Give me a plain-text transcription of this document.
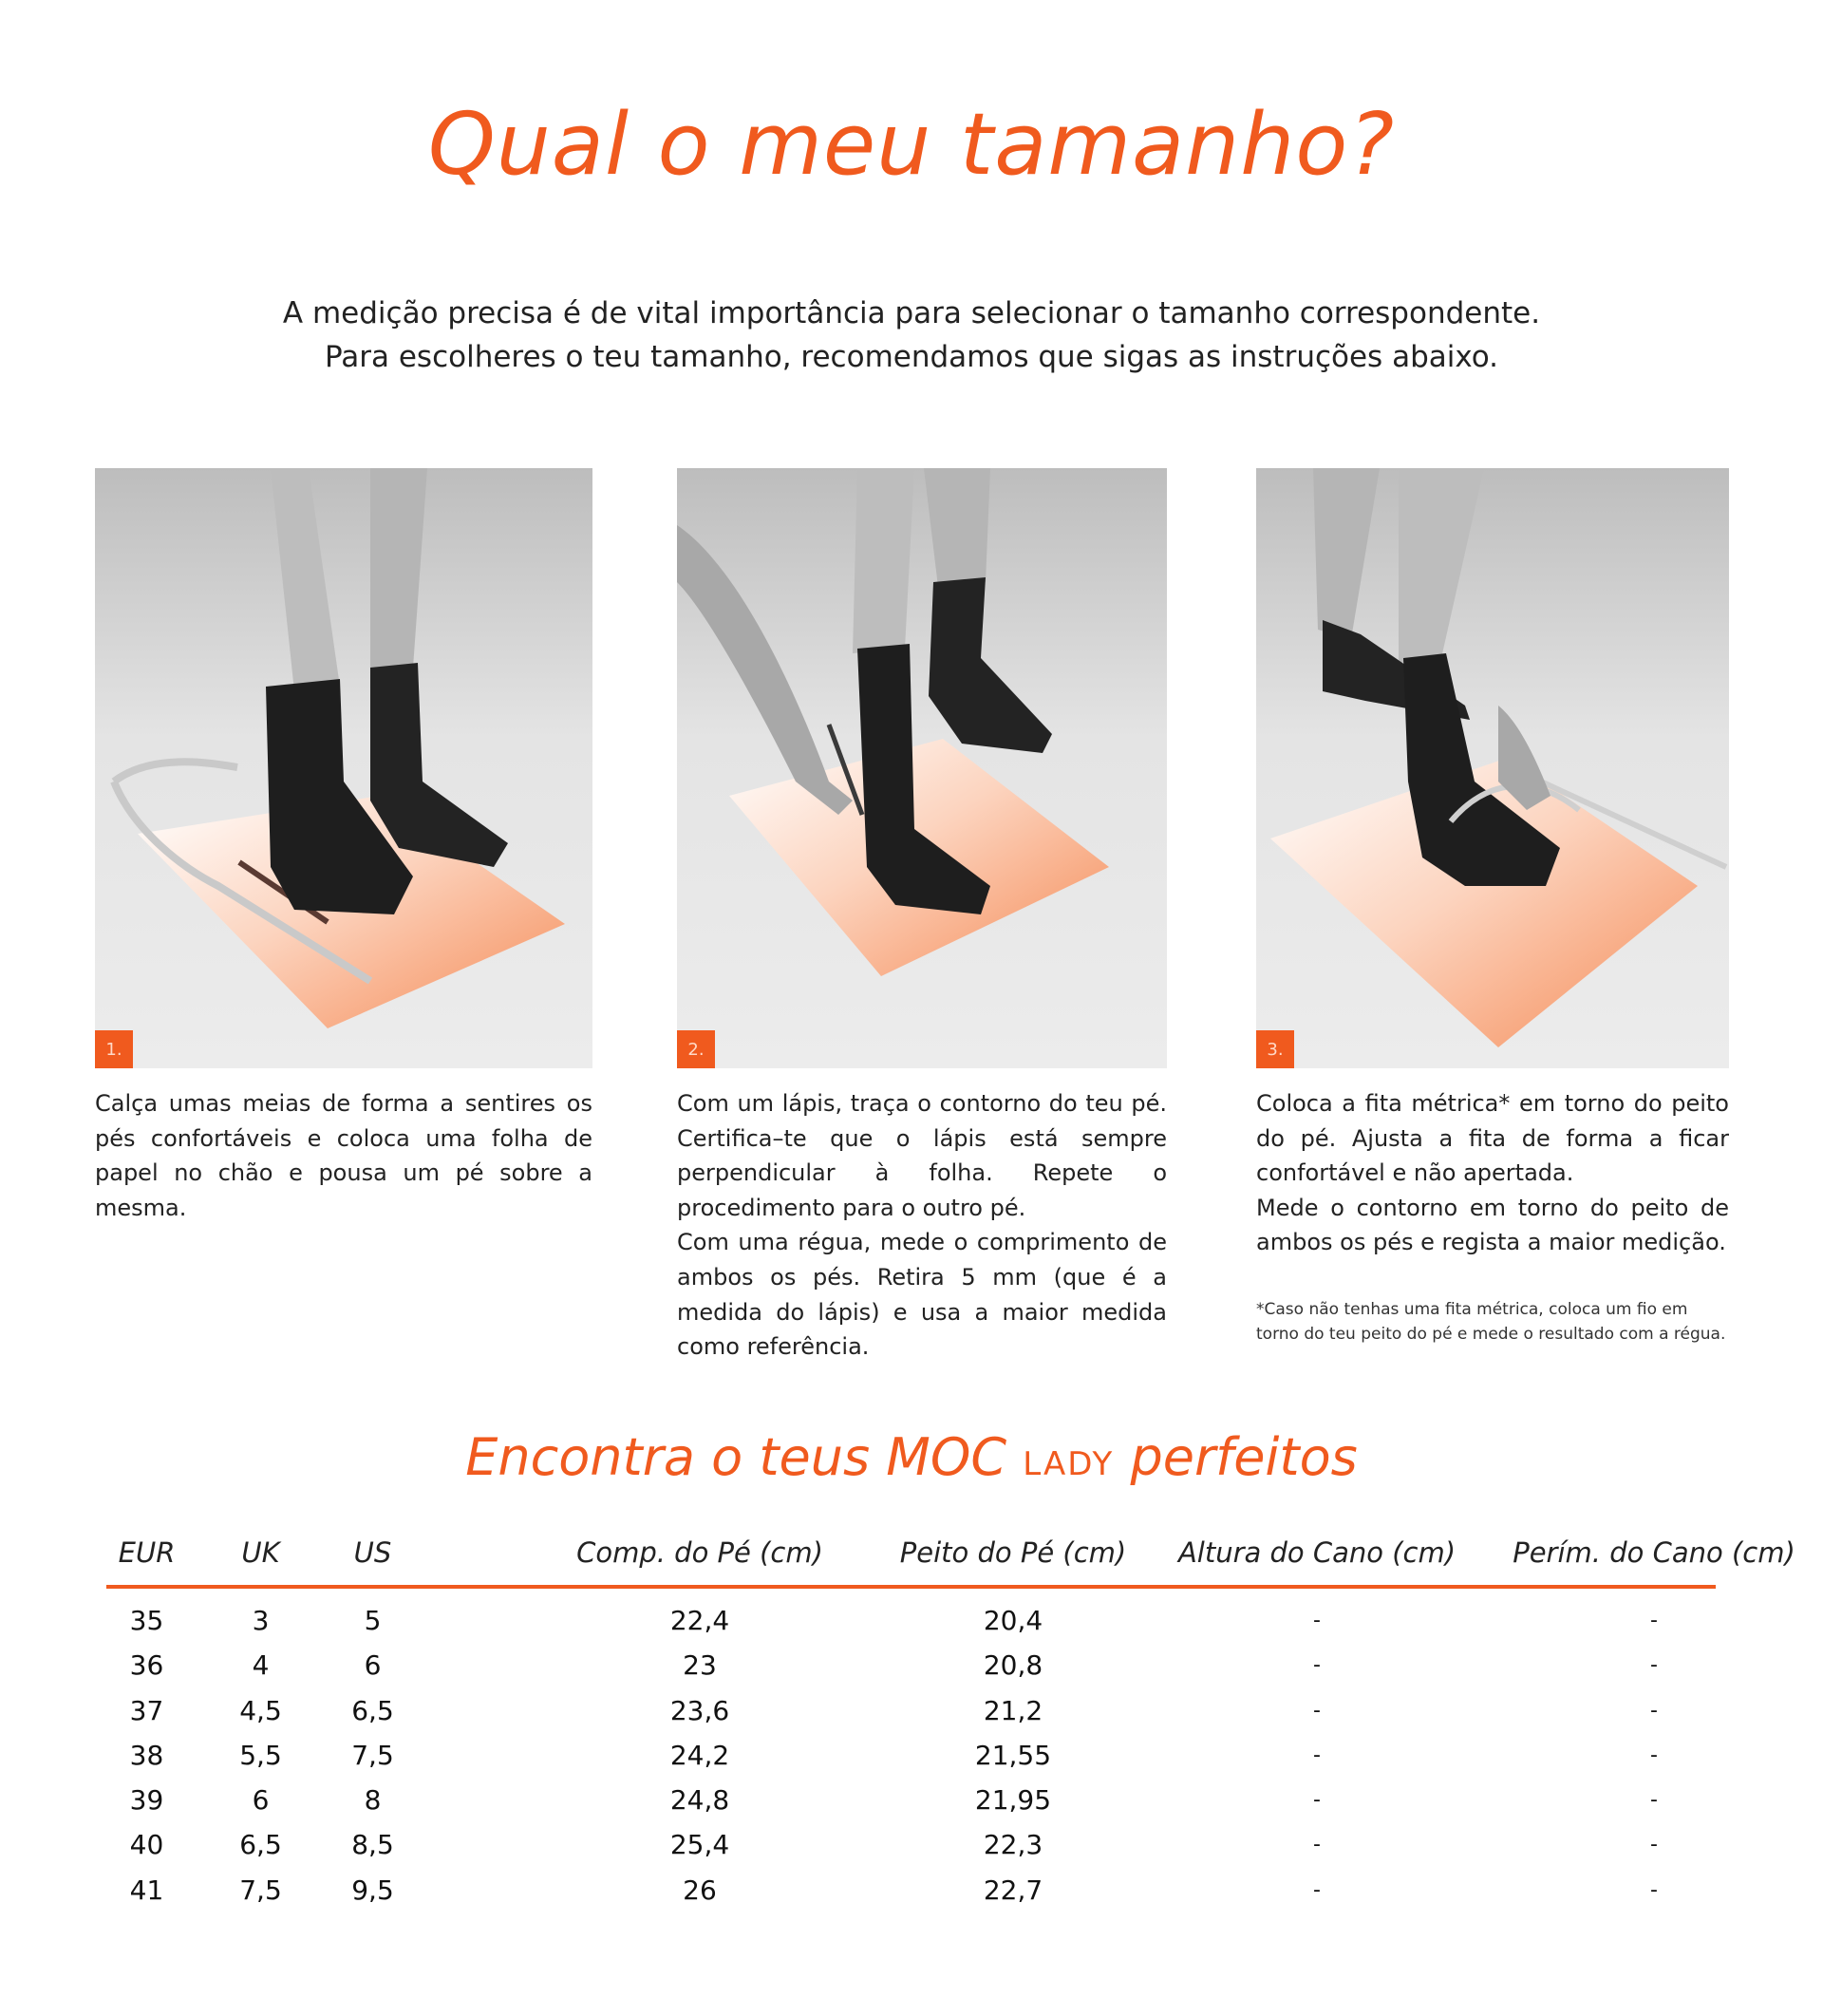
Qual o meu tamanho?
A medição precisa é de vital importância para selecionar o tamanho correspondente.
Para escolheres o teu tamanho, recomendamos que sigas as instruções abaixo.
1.	2.	3.

Calça umas meias de forma a sentires os pés confortáveis e coloca uma folha de papel no chão e pousa um pé sobre a mesma.

Com um lápis, traça o contorno do teu pé. Certifica–te que o lápis está sempre perpendicular à folha. Repete o procedimento para o outro pé.

Com uma régua, mede o comprimento de ambos os pés. Retira 5 mm (que é a medida do lápis) e usa a maior medida como referência.

Coloca a fita métrica* em torno do peito do pé. Ajusta a fita de forma a ficar confortável e não apertada.

Mede o contorno em torno do peito de ambos os pés e regista a maior medição.

*Caso não tenhas uma fita métrica, coloca um fio em torno do teu peito do pé e mede o resultado com a régua.
Encontra o teus MOC LADY perfeitos
EUR	UK	US	Comp. do Pé (cm)	Peito do Pé (cm)	Altura do Cano (cm)	Perím. do Cano (cm)
35	3	5	22,4	20,4	-	-
36	4	6	23	20,8	-	-
37	4,5	6,5	23,6	21,2	-	-
38	5,5	7,5	24,2	21,55	-	-
39	6	8	24,8	21,95	-	-
40	6,5	8,5	25,4	22,3	-	-
41	7,5	9,5	26	22,7	-	-
